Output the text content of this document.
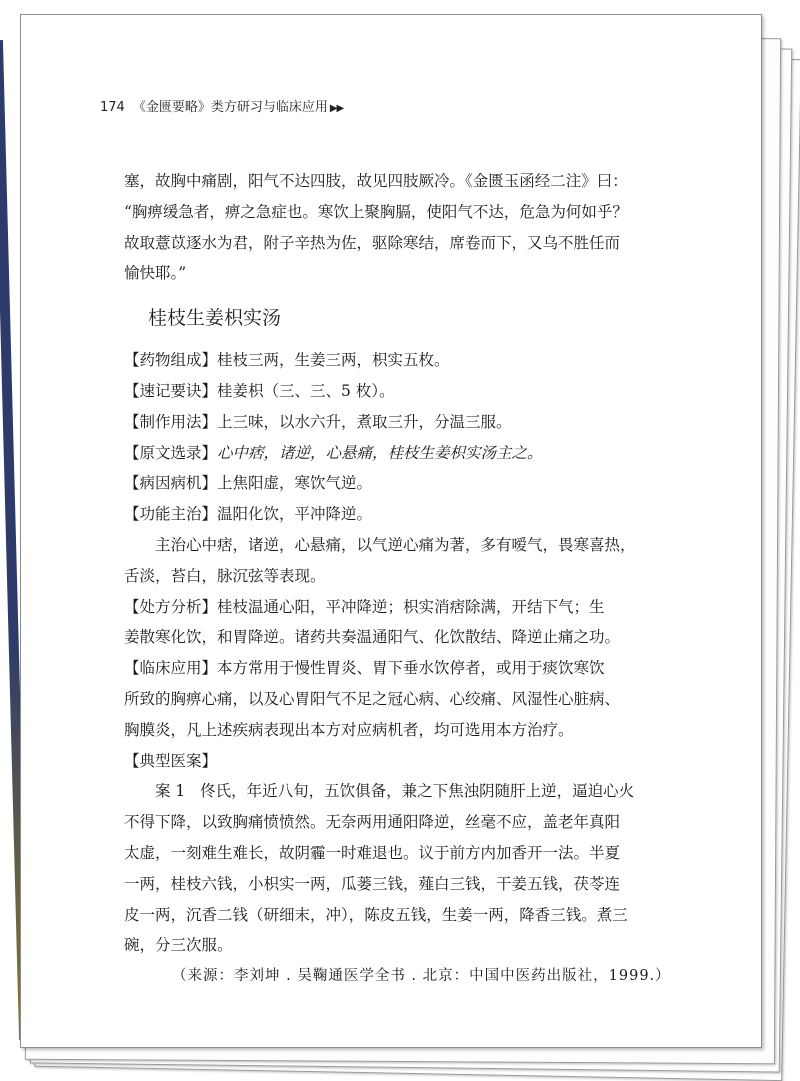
174 《金匮要略》类方研习与临床应用 ▶▶

塞，故胸中痛剧，阳气不达四肢，故见四肢厥冷。《金匮玉函经二注》曰：

“胸痹缓急者，痹之急症也。寒饮上聚胸膈，使阳气不达，危急为何如乎？

故取薏苡逐水为君，附子辛热为佐，驱除寒结，席卷而下，又乌不胜任而

愉快耶。”

桂枝生姜枳实汤

【药物组成】桂枝三两，生姜三两，枳实五枚。

【速记要诀】桂姜枳（三、三、5 枚）。

【制作用法】上三味，以水六升，煮取三升，分温三服。

【原文选录】心中痞，诸逆，心悬痛，桂枝生姜枳实汤主之。

【病因病机】上焦阳虚，寒饮气逆。

【功能主治】温阳化饮，平冲降逆。

主治心中痞，诸逆，心悬痛，以气逆心痛为著，多有嗳气，畏寒喜热，

舌淡，苔白，脉沉弦等表现。

【处方分析】桂枝温通心阳，平冲降逆；枳实消痞除满，开结下气；生

姜散寒化饮，和胃降逆。诸药共奏温通阳气、化饮散结、降逆止痛之功。

【临床应用】本方常用于慢性胃炎、胃下垂水饮停者，或用于痰饮寒饮

所致的胸痹心痛，以及心胃阳气不足之冠心病、心绞痛、风湿性心脏病、

胸膜炎，凡上述疾病表现出本方对应病机者，均可选用本方治疗。

【典型医案】

案 1 佟氏，年近八旬，五饮俱备，兼之下焦浊阴随肝上逆，逼迫心火

不得下降，以致胸痛愤愤然。无奈两用通阳降逆，丝毫不应，盖老年真阳

太虚，一刻难生难长，故阴霾一时难退也。议于前方内加香开一法。半夏

一两，桂枝六钱，小枳实一两，瓜蒌三钱，薤白三钱，干姜五钱，茯苓连

皮一两，沉香二钱（研细末，冲），陈皮五钱，生姜一两，降香三钱。煮三

碗，分三次服。

（来源：李刘坤 . 吴鞠通医学全书 . 北京：中国中医药出版社，1999.）
